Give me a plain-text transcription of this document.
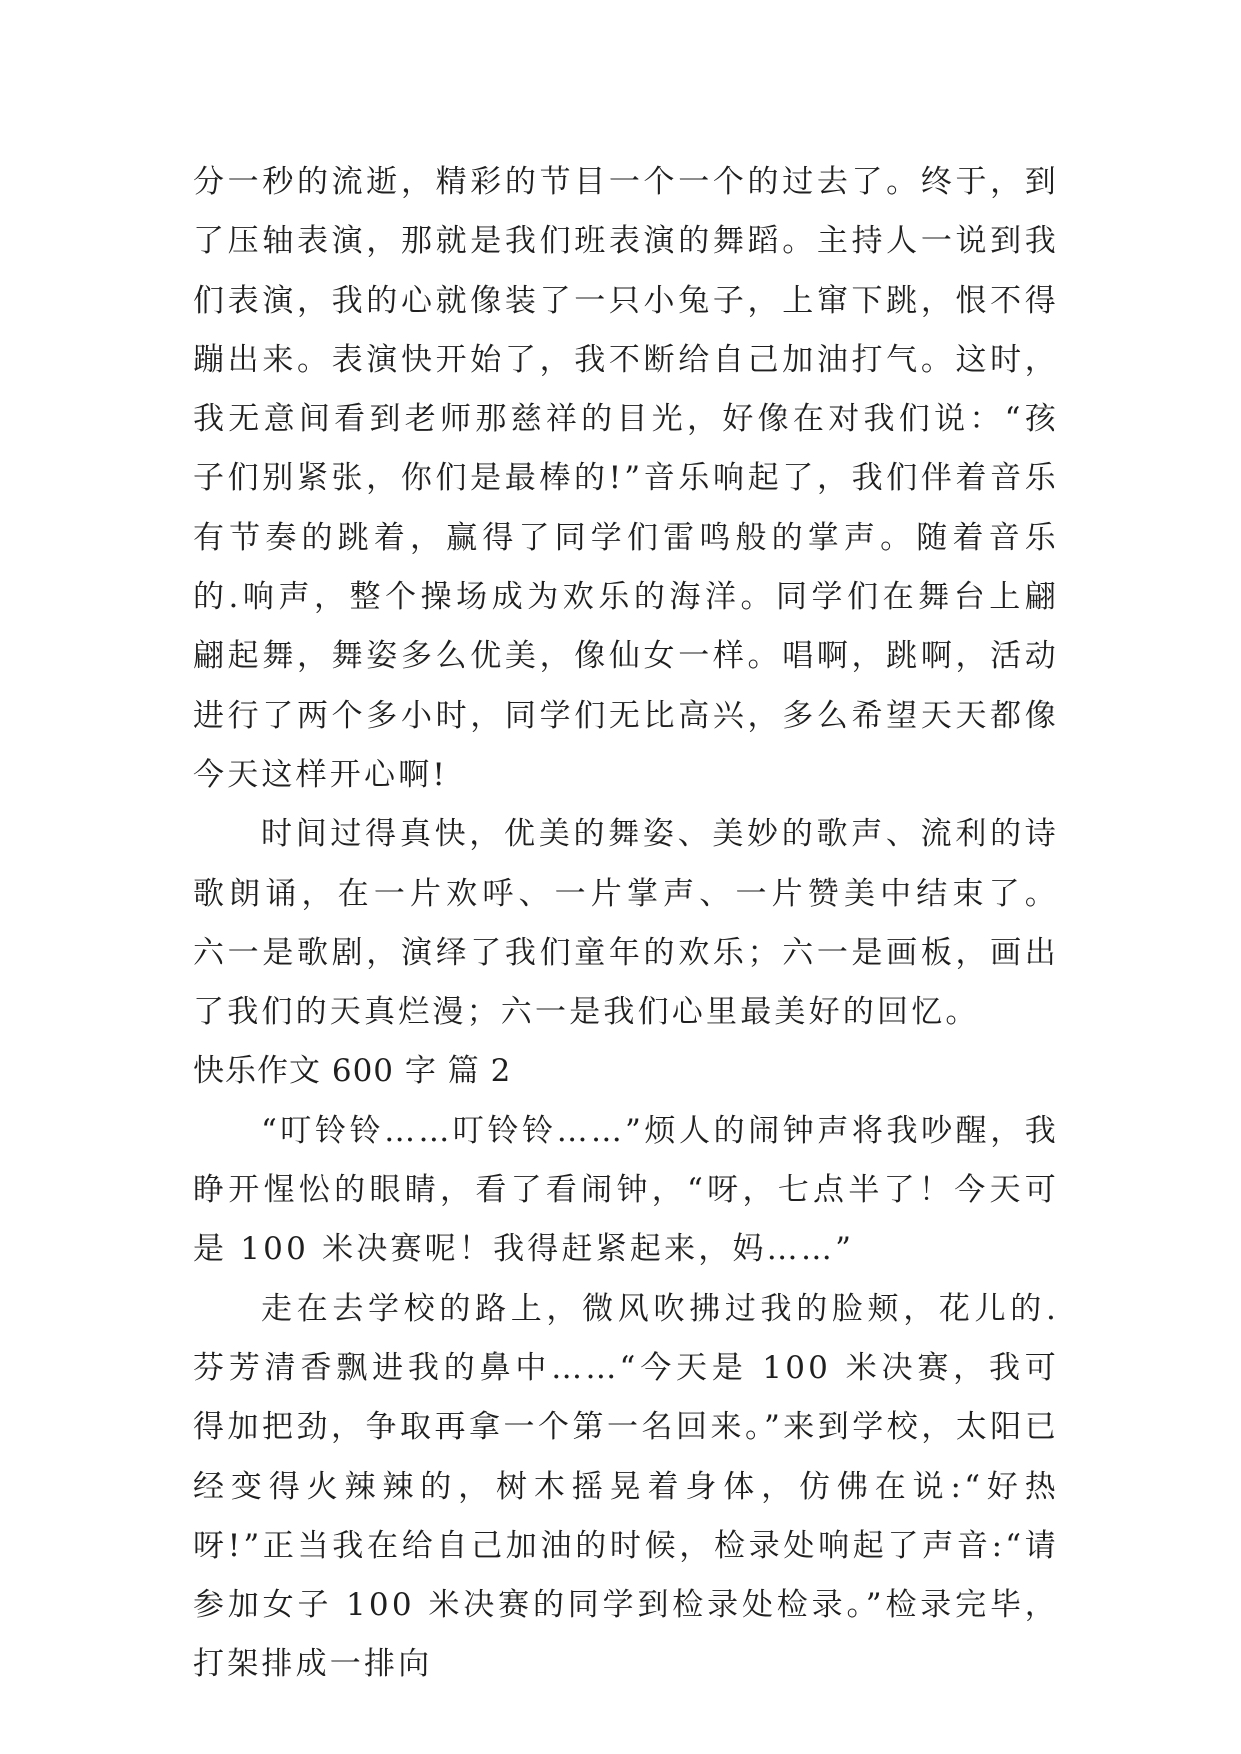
分一秒的流逝，精彩的节目一个一个的过去了。终于，到了压轴表演，那就是我们班表演的舞蹈。主持人一说到我们表演，我的心就像装了一只小兔子，上窜下跳，恨不得蹦出来。表演快开始了，我不断给自己加油打气。这时，我无意间看到老师那慈祥的目光，好像在对我们说：“孩子们别紧张，你们是最棒的!”音乐响起了，我们伴着音乐有节奏的跳着，赢得了同学们雷鸣般的掌声。随着音乐的.响声，整个操场成为欢乐的海洋。同学们在舞台上翩翩起舞，舞姿多么优美，像仙女一样。唱啊，跳啊，活动进行了两个多小时，同学们无比高兴，多么希望天天都像今天这样开心啊!

时间过得真快，优美的舞姿、美妙的歌声、流利的诗歌朗诵，在一片欢呼、一片掌声、一片赞美中结束了。 六一是歌剧，演绎了我们童年的欢乐；六一是画板，画出了我们的天真烂漫；六一是我们心里最美好的回忆。

快乐作文 600 字 篇 2

“叮铃铃……叮铃铃……”烦人的闹钟声将我吵醒，我睁开惺忪的眼睛，看了看闹钟，“呀，七点半了！今天可是 100 米决赛呢！我得赶紧起来，妈……”

走在去学校的路上，微风吹拂过我的脸颊，花儿的.芬芳清香飘进我的鼻中……“今天是 100 米决赛，我可得加把劲，争取再拿一个第一名回来。”来到学校，太阳已经变得火辣辣的，树木摇晃着身体，仿佛在说:“好热呀!”正当我在给自己加油的时候，检录处响起了声音:“请参加女子 100 米决赛的同学到检录处检录。”检录完毕，打架排成一排向
